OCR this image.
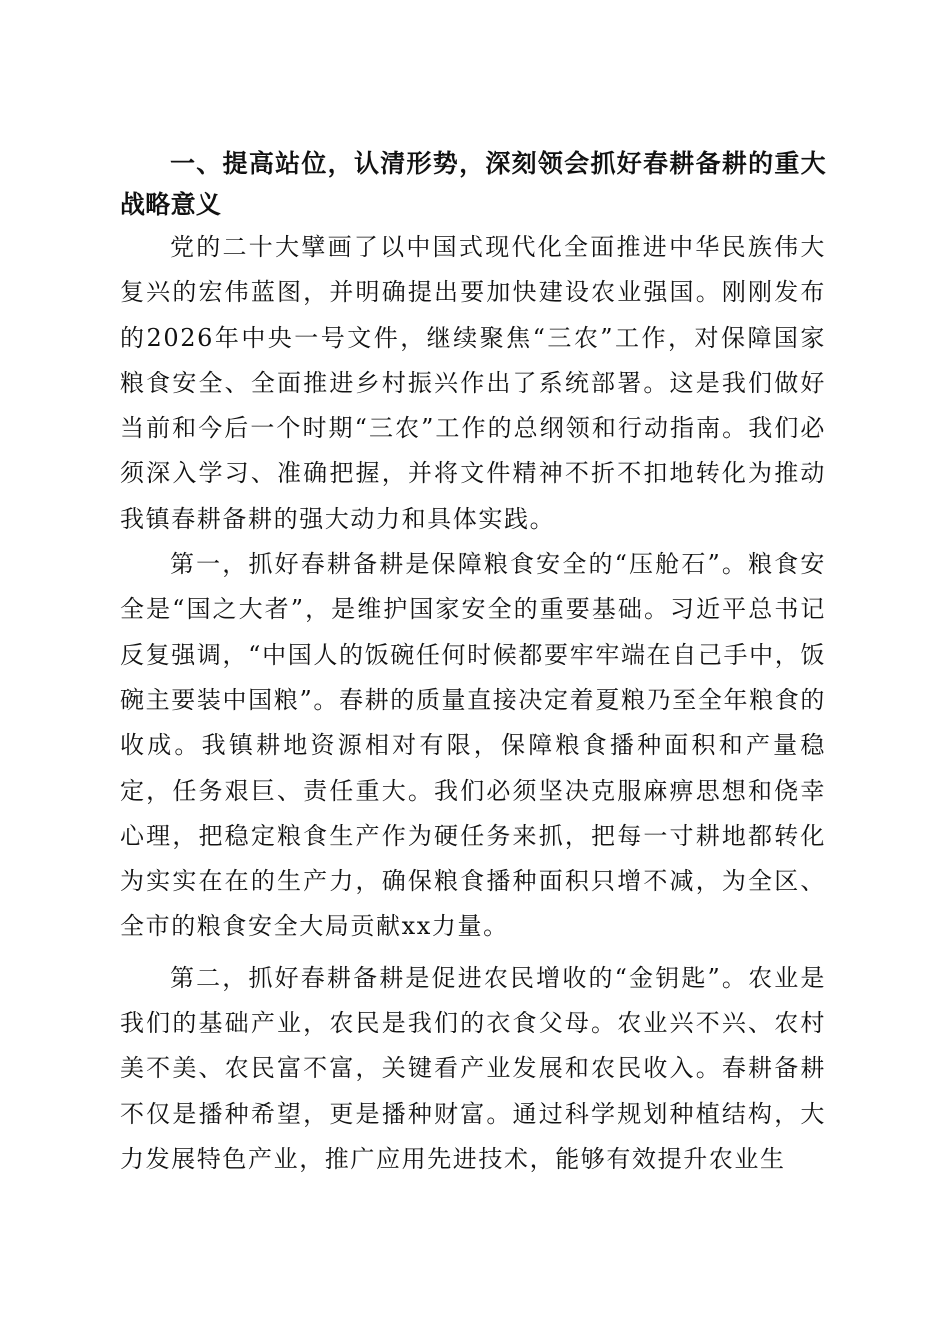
一、提高站位，认清形势，深刻领会抓好春耕备耕的重大战略意义

党的二十大擘画了以中国式现代化全面推进中华民族伟大复兴的宏伟蓝图，并明确提出要加快建设农业强国。刚刚发布的2026年中央一号文件，继续聚焦“三农”工作，对保障国家粮食安全、全面推进乡村振兴作出了系统部署。这是我们做好当前和今后一个时期“三农”工作的总纲领和行动指南。我们必须深入学习、准确把握，并将文件精神不折不扣地转化为推动我镇春耕备耕的强大动力和具体实践。

第一，抓好春耕备耕是保障粮食安全的“压舱石”。粮食安全是“国之大者”，是维护国家安全的重要基础。习近平总书记反复强调，“中国人的饭碗任何时候都要牢牢端在自己手中，饭碗主要装中国粮”。春耕的质量直接决定着夏粮乃至全年粮食的收成。我镇耕地资源相对有限，保障粮食播种面积和产量稳定，任务艰巨、责任重大。我们必须坚决克服麻痹思想和侥幸心理，把稳定粮食生产作为硬任务来抓，把每一寸耕地都转化为实实在在的生产力，确保粮食播种面积只增不减，为全区、全市的粮食安全大局贡献xx力量。

第二，抓好春耕备耕是促进农民增收的“金钥匙”。农业是我们的基础产业，农民是我们的衣食父母。农业兴不兴、农村美不美、农民富不富，关键看产业发展和农民收入。春耕备耕不仅是播种希望，更是播种财富。通过科学规划种植结构，大力发展特色产业，推广应用先进技术，能够有效提升农业生
